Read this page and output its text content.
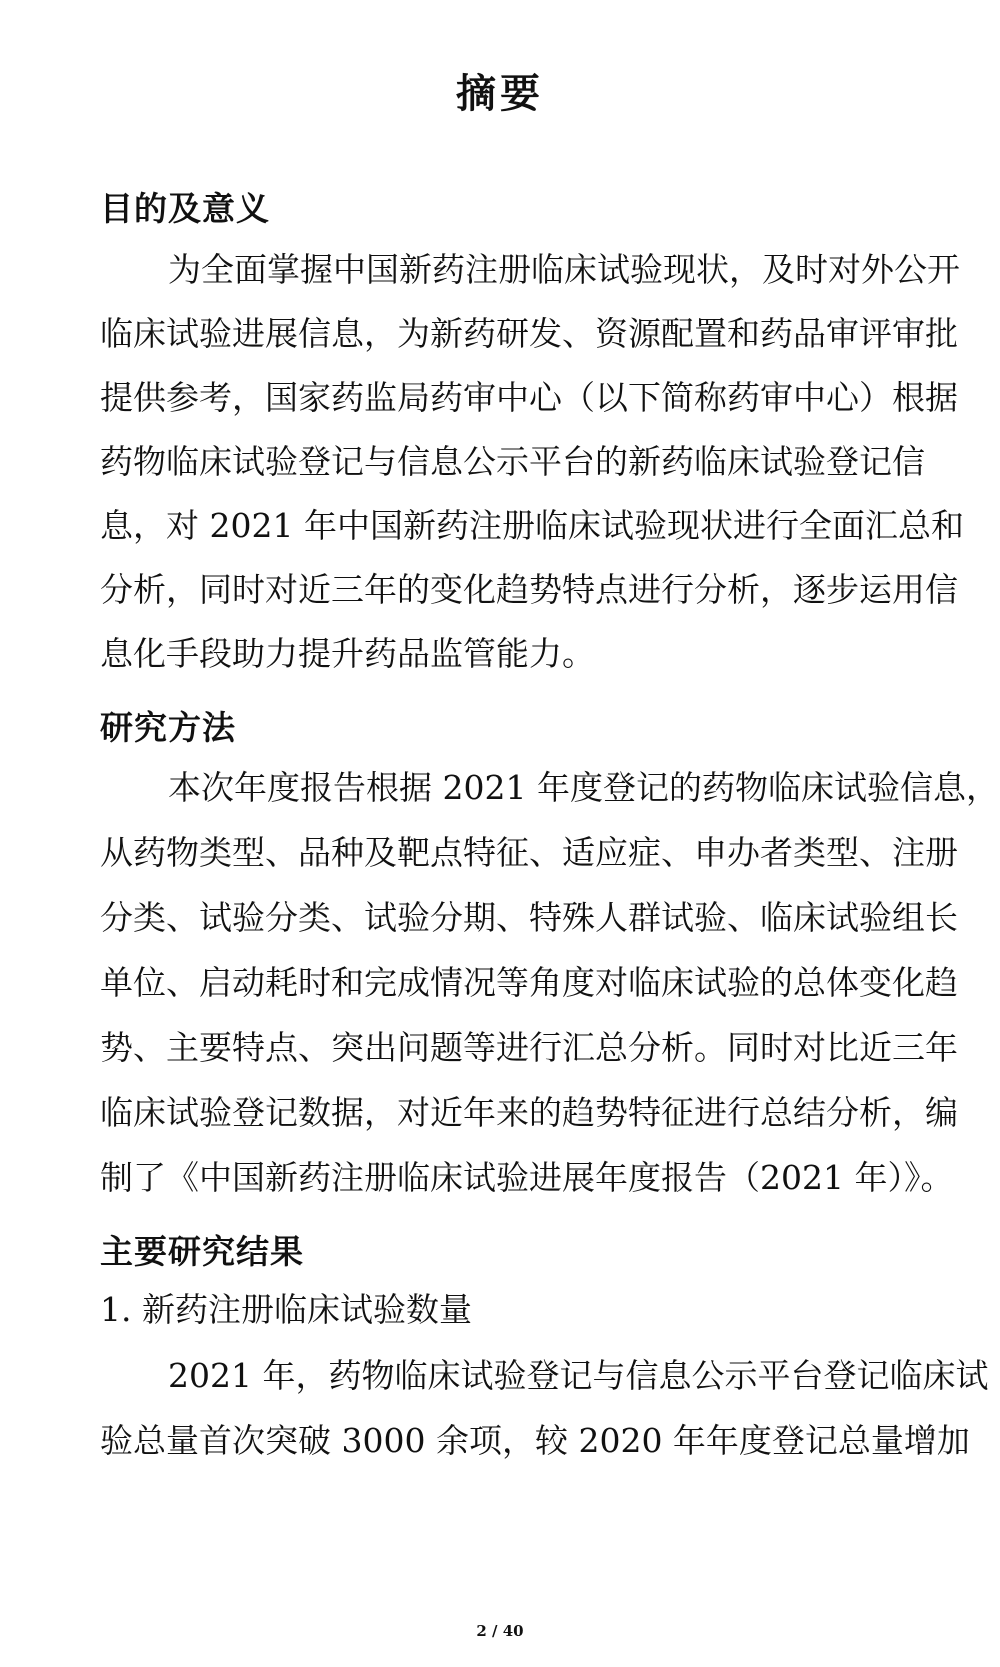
摘要
目的及意义
为全面掌握中国新药注册临床试验现状，及时对外公开
临床试验进展信息，为新药研发、资源配置和药品审评审批
提供参考，国家药监局药审中心（以下简称药审中心）根据
药物临床试验登记与信息公示平台的新药临床试验登记信
息，对 2021 年中国新药注册临床试验现状进行全面汇总和
分析，同时对近三年的变化趋势特点进行分析，逐步运用信
息化手段助力提升药品监管能力。
研究方法
本次年度报告根据 2021 年度登记的药物临床试验信息，
从药物类型、品种及靶点特征、适应症、申办者类型、注册
分类、试验分类、试验分期、特殊人群试验、临床试验组长
单位、启动耗时和完成情况等角度对临床试验的总体变化趋
势、主要特点、突出问题等进行汇总分析。同时对比近三年
临床试验登记数据，对近年来的趋势特征进行总结分析，编
制了《中国新药注册临床试验进展年度报告（2021 年）》。
主要研究结果
1. 新药注册临床试验数量
2021 年，药物临床试验登记与信息公示平台登记临床试
验总量首次突破 3000 余项，较 2020 年年度登记总量增加
2 / 40
